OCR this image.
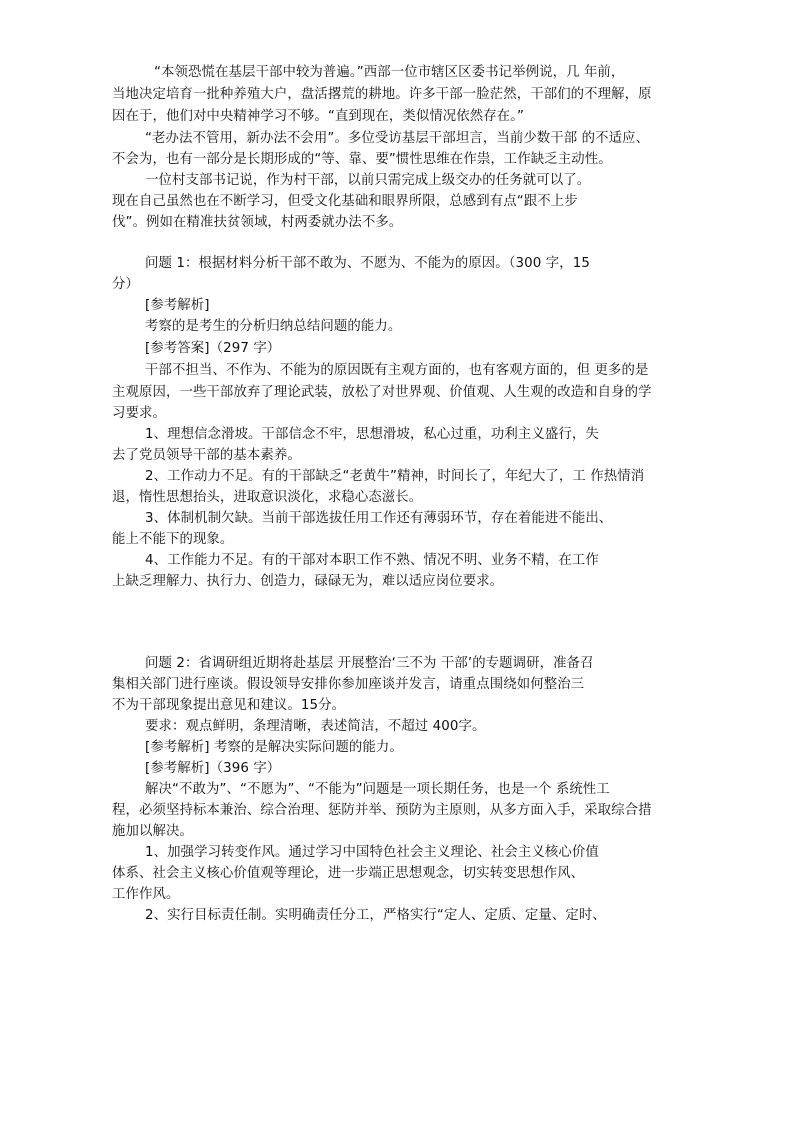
“本领恐慌在基层干部中较为普遍。”西部一位市辖区区委书记举例说，几 年前，
当地决定培育一批种养殖大户，盘活撂荒的耕地。许多干部一脸茫然，干部们的不理解，原
因在于，他们对中央精神学习不够。“直到现在，类似情况依然存在。”
“老办法不管用，新办法不会用”。多位受访基层干部坦言，当前少数干部 的不适应、
不会为，也有一部分是长期形成的“等、靠、要”惯性思维在作祟，工作缺乏主动性。
一位村支部书记说，作为村干部，以前只需完成上级交办的任务就可以了。
现在自己虽然也在不断学习，但受文化基础和眼界所限，总感到有点“跟不上步
伐”。例如在精准扶贫领域，村两委就办法不多。
问题 1：根据材料分析干部不敢为、不愿为、不能为的原因。（300 字，15
分）
[参考解析]
考察的是考生的分析归纳总结问题的能力。
[参考答案]（297 字）
干部不担当、不作为、不能为的原因既有主观方面的，也有客观方面的，但 更多的是
主观原因，一些干部放弃了理论武装，放松了对世界观、价值观、人生观的改造和自身的学
习要求。
1、理想信念滑坡。干部信念不牢，思想滑坡，私心过重，功利主义盛行，失
去了党员领导干部的基本素养。
2、工作动力不足。有的干部缺乏“老黄牛”精神，时间长了，年纪大了，工 作热情消
退，惰性思想抬头，进取意识淡化，求稳心态滋长。
3、体制机制欠缺。当前干部选拔任用工作还有薄弱环节，存在着能进不能出、
能上不能下的现象。
4、工作能力不足。有的干部对本职工作不熟、情况不明、业务不精，在工作
上缺乏理解力、执行力、创造力，碌碌无为，难以适应岗位要求。
问题 2：省调研组近期将赴基层 开展整治‘三不为 干部’的专题调研，准备召
集相关部门进行座谈。假设领导安排你参加座谈并发言，请重点围绕如何整治三
不为干部现象提出意见和建议。15分。
要求：观点鲜明，条理清晰，表述简洁，不超过 400字。
[参考解析] 考察的是解决实际问题的能力。
[参考解析]（396 字）
解决“不敢为”、“不愿为”、“不能为”问题是一项长期任务，也是一个 系统性工
程，必须坚持标本兼治、综合治理、惩防并举、预防为主原则，从多方面入手，采取综合措
施加以解决。
1、加强学习转变作风。通过学习中国特色社会主义理论、社会主义核心价值
体系、社会主义核心价值观等理论，进一步端正思想观念，切实转变思想作风、
工作作风。
2、实行目标责任制。实明确责任分工，严格实行“定人、定质、定量、定时、
